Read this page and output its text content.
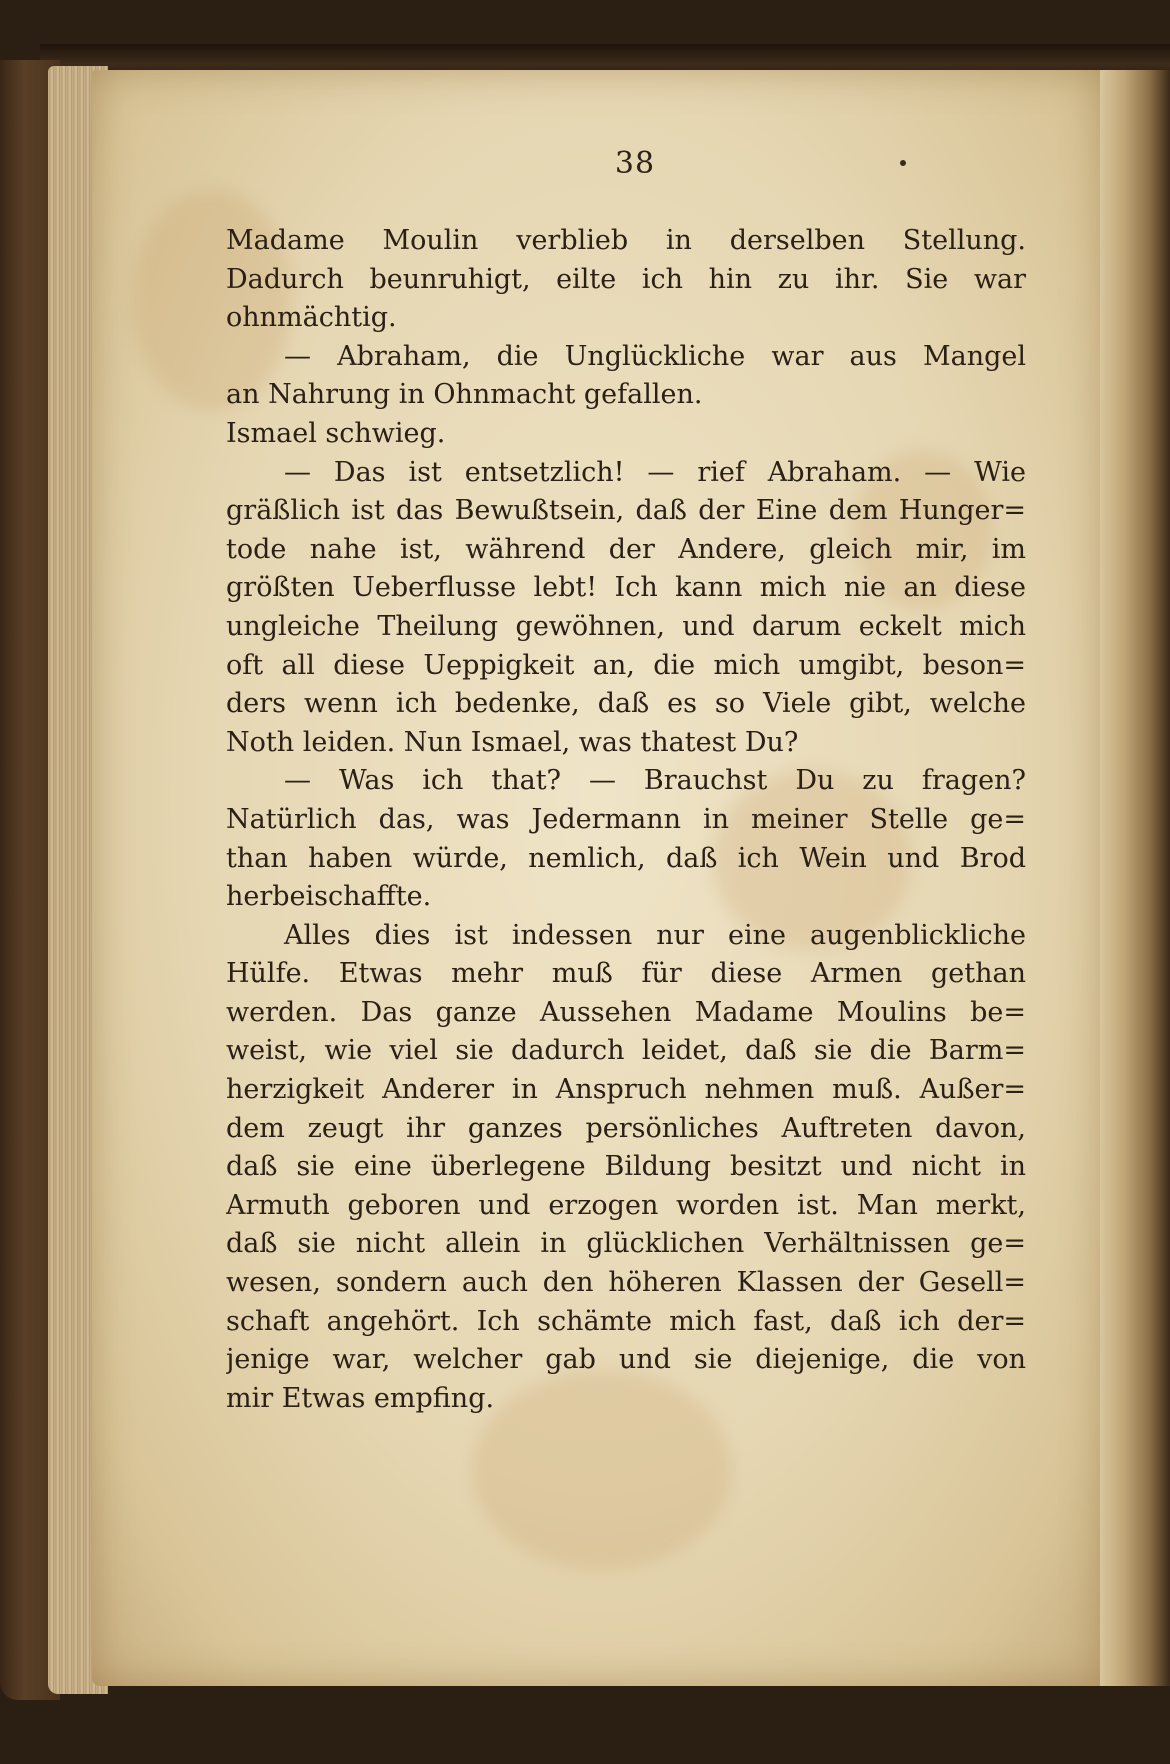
38
Madame Moulin verblieb in derselben Stellung.
Dadurch beunruhigt, eilte ich hin zu ihr. Sie war
ohnmächtig.
— Abraham, die Unglückliche war aus Mangel
an Nahrung in Ohnmacht gefallen.
Ismael schwieg.
— Das ist entsetzlich! — rief Abraham. — Wie
gräßlich ist das Bewußtsein, daß der Eine dem Hunger=
tode nahe ist, während der Andere, gleich mir, im
größten Ueberflusse lebt! Ich kann mich nie an diese
ungleiche Theilung gewöhnen, und darum eckelt mich
oft all diese Ueppigkeit an, die mich umgibt, beson=
ders wenn ich bedenke, daß es so Viele gibt, welche
Noth leiden. Nun Ismael, was thatest Du?
— Was ich that? — Brauchst Du zu fragen?
Natürlich das, was Jedermann in meiner Stelle ge=
than haben würde, nemlich, daß ich Wein und Brod
herbeischaffte.
Alles dies ist indessen nur eine augenblickliche
Hülfe. Etwas mehr muß für diese Armen gethan
werden. Das ganze Aussehen Madame Moulins be=
weist, wie viel sie dadurch leidet, daß sie die Barm=
herzigkeit Anderer in Anspruch nehmen muß. Außer=
dem zeugt ihr ganzes persönliches Auftreten davon,
daß sie eine überlegene Bildung besitzt und nicht in
Armuth geboren und erzogen worden ist. Man merkt,
daß sie nicht allein in glücklichen Verhältnissen ge=
wesen, sondern auch den höheren Klassen der Gesell=
schaft angehört. Ich schämte mich fast, daß ich der=
jenige war, welcher gab und sie diejenige, die von
mir Etwas empfing.
